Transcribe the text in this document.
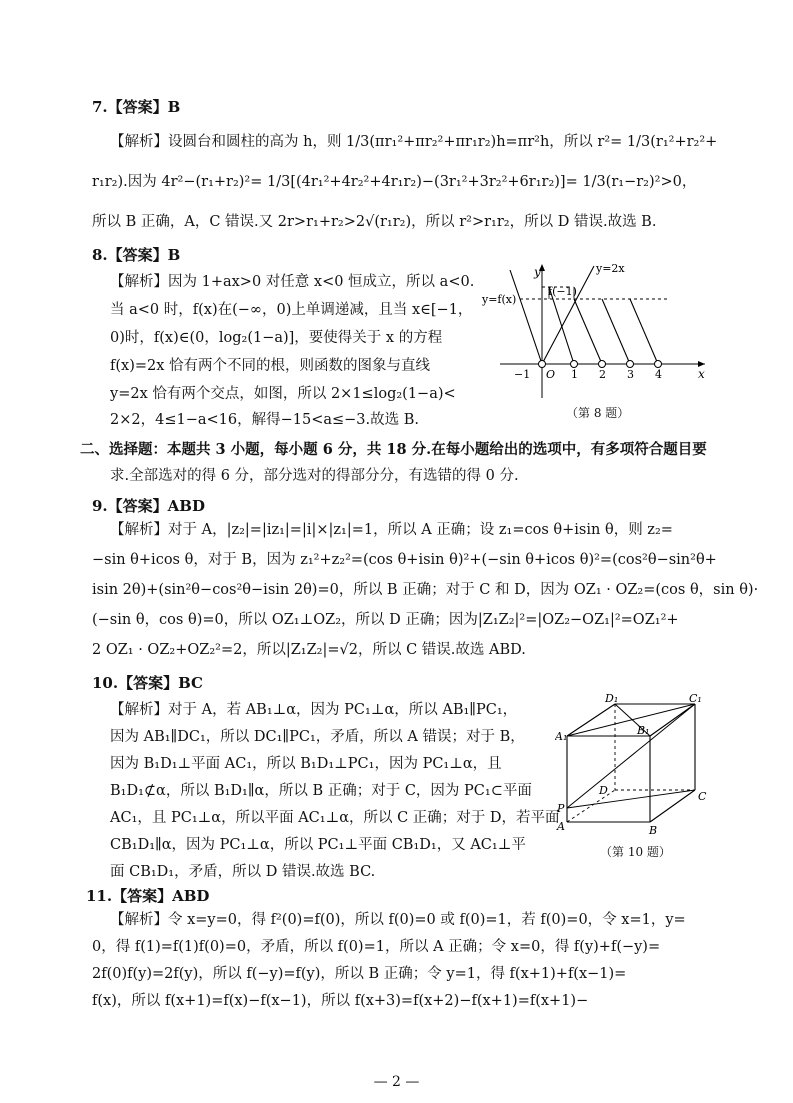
7.【答案】B
【解析】设圆台和圆柱的高为 h，则 1/3(πr₁²+πr₂²+πr₁r₂)h=πr²h，所以 r²= 1/3(r₁²+r₂²+
r₁r₂).因为 4r²−(r₁+r₂)²= 1/3[(4r₁²+4r₂²+4r₁r₂)−(3r₁²+3r₂²+6r₁r₂)]= 1/3(r₁−r₂)²>0，
所以 B 正确，A，C 错误.又 2r>r₁+r₂>2√(r₁r₂)，所以 r²>r₁r₂，所以 D 错误.故选 B.
8.【答案】B
【解析】因为 1+ax>0 对任意 x<0 恒成立，所以 a<0.
当 a<0 时，f(x)在(−∞，0)上单调递减，且当 x∈[−1，
0)时，f(x)∈(0，log₂(1−a)]，要使得关于 x 的方程
f(x)=2x 恰有两个不同的根，则函数的图象与直线
y=2x 恰有两个交点，如图，所以 2×1≤log₂(1−a)<
2×2，4≤1−a<16，解得−15<a≤−3.故选 B.
y
x
y=2x
f(−1)
y=f(x)
O
−1	1 2 3 4
（第 8 题）
二、选择题：本题共 3 小题，每小题 6 分，共 18 分.在每小题给出的选项中，有多项符合题目要
求.全部选对的得 6 分，部分选对的得部分分，有选错的得 0 分.
9.【答案】ABD
【解析】对于 A，|z₂|=|iz₁|=|i|×|z₁|=1，所以 A 正确；设 z₁=cos θ+isin θ，则 z₂=
−sin θ+icos θ，对于 B，因为 z₁²+z₂²=(cos θ+isin θ)²+(−sin θ+icos θ)²=(cos²θ−sin²θ+
isin 2θ)+(sin²θ−cos²θ−isin 2θ)=0，所以 B 正确；对于 C 和 D，因为 OZ₁ · OZ₂=(cos θ，sin θ)·
(−sin θ，cos θ)=0，所以 OZ₁⊥OZ₂，所以 D 正确；因为|Z₁Z₂|²=|OZ₂−OZ₁|²=OZ₁²+
2 OZ₁ · OZ₂+OZ₂²=2，所以|Z₁Z₂|=√2，所以 C 错误.故选 ABD.
10.【答案】BC
【解析】对于 A，若 AB₁⊥α，因为 PC₁⊥α，所以 AB₁∥PC₁，
因为 AB₁∥DC₁，所以 DC₁∥PC₁，矛盾，所以 A 错误；对于 B，
因为 B₁D₁⊥平面 AC₁，所以 B₁D₁⊥PC₁，因为 PC₁⊥α，且
B₁D₁⊄α，所以 B₁D₁∥α，所以 B 正确；对于 C，因为 PC₁⊂平面
AC₁，且 PC₁⊥α，所以平面 AC₁⊥α，所以 C 正确；对于 D，若平面
CB₁D₁∥α，因为 PC₁⊥α，所以 PC₁⊥平面 CB₁D₁，又 AC₁⊥平
面 CB₁D₁，矛盾，所以 D 错误.故选 BC.
D₁	C₁
A₁	B₁
D	C
P
A	B
（第 10 题）
11.【答案】ABD
【解析】令 x=y=0，得 f²(0)=f(0)，所以 f(0)=0 或 f(0)=1，若 f(0)=0，令 x=1，y=
0，得 f(1)=f(1)f(0)=0，矛盾，所以 f(0)=1，所以 A 正确；令 x=0，得 f(y)+f(−y)=
2f(0)f(y)=2f(y)，所以 f(−y)=f(y)，所以 B 正确；令 y=1，得 f(x+1)+f(x−1)=
f(x)，所以 f(x+1)=f(x)−f(x−1)，所以 f(x+3)=f(x+2)−f(x+1)=f(x+1)−
— 2 —
